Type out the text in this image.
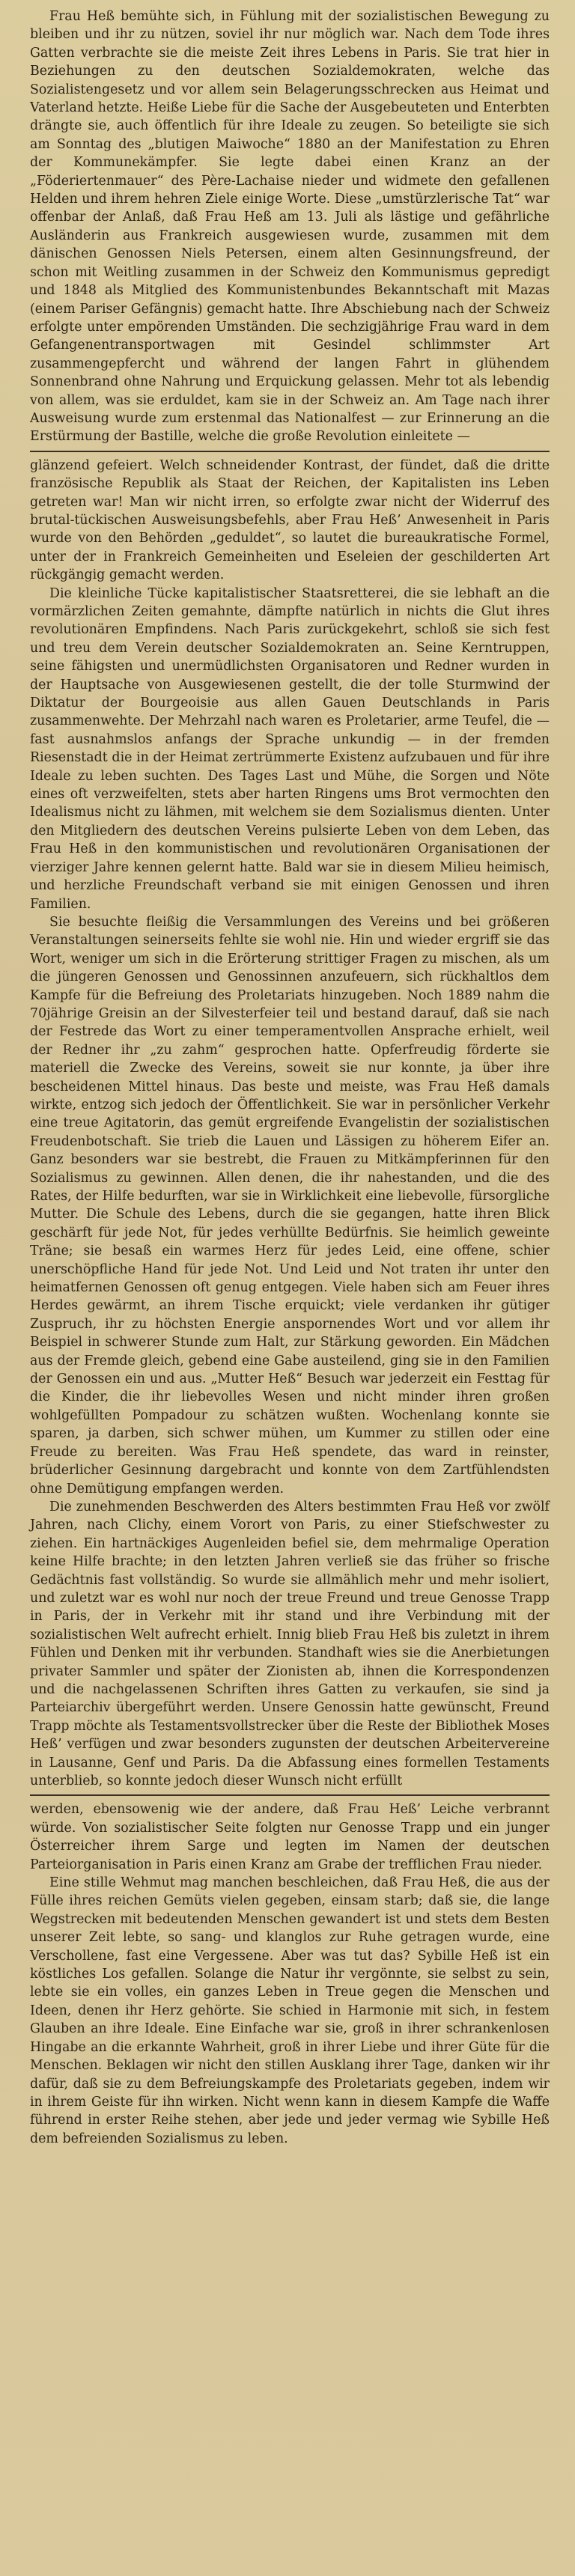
Frau Heß bemühte sich, in Fühlung mit der sozialistischen Bewegung zu bleiben und ihr zu nützen, soviel ihr nur möglich war. Nach dem Tode ihres Gatten verbrachte sie die meiste Zeit ihres Lebens in Paris. Sie trat hier in Beziehungen zu den deutschen Sozialdemokraten, welche das Sozialistengesetz und vor allem sein Belagerungsschrecken aus Heimat und Vaterland hetzte. Heiße Liebe für die Sache der Ausgebeuteten und Enterbten drängte sie, auch öffentlich für ihre Ideale zu zeugen. So beteiligte sie sich am Sonntag des „blutigen Maiwoche“ 1880 an der Manifestation zu Ehren der Kommunekämpfer. Sie legte dabei einen Kranz an der „Föderiertenmauer“ des Père-Lachaise nieder und widmete den gefallenen Helden und ihrem hehren Ziele einige Worte. Diese „umstürzlerische Tat“ war offenbar der Anlaß, daß Frau Heß am 13. Juli als lästige und gefährliche Ausländerin aus Frankreich ausgewiesen wurde, zusammen mit dem dänischen Genossen Niels Petersen, einem alten Gesinnungsfreund, der schon mit Weitling zusammen in der Schweiz den Kommunismus gepredigt und 1848 als Mitglied des Kommunistenbundes Bekanntschaft mit Mazas (einem Pariser Gefängnis) gemacht hatte. Ihre Abschiebung nach der Schweiz erfolgte unter empörenden Umständen. Die sechzigjährige Frau ward in dem Gefangenentransportwagen mit Gesindel schlimmster Art zusammengepfercht und während der langen Fahrt in glühendem Sonnenbrand ohne Nahrung und Erquickung gelassen. Mehr tot als lebendig von allem, was sie erduldet, kam sie in der Schweiz an. Am Tage nach ihrer Ausweisung wurde zum erstenmal das Nationalfest — zur Erinnerung an die Erstürmung der Bastille, welche die große Revolution einleitete —

glänzend gefeiert. Welch schneidender Kontrast, der fündet, daß die dritte französische Republik als Staat der Reichen, der Kapitalisten ins Leben getreten war! Man wir nicht irren, so erfolgte zwar nicht der Widerruf des brutal-tückischen Ausweisungsbefehls, aber Frau Heß’ Anwesenheit in Paris wurde von den Behörden „geduldet“, so lautet die bureaukratische Formel, unter der in Frankreich Gemeinheiten und Eseleien der geschilderten Art rückgängig gemacht werden.

Die kleinliche Tücke kapitalistischer Staatsretterei, die sie lebhaft an die vormärzlichen Zeiten gemahnte, dämpfte natürlich in nichts die Glut ihres revolutionären Empfindens. Nach Paris zurückgekehrt, schloß sie sich fest und treu dem Verein deutscher Sozialdemokraten an. Seine Kerntruppen, seine fähigsten und unermüdlichsten Organisatoren und Redner wurden in der Hauptsache von Ausgewiesenen gestellt, die der tolle Sturmwind der Diktatur der Bourgeoisie aus allen Gauen Deutschlands in Paris zusammenwehte. Der Mehrzahl nach waren es Proletarier, arme Teufel, die — fast ausnahmslos anfangs der Sprache unkundig — in der fremden Riesenstadt die in der Heimat zertrümmerte Existenz aufzubauen und für ihre Ideale zu leben suchten. Des Tages Last und Mühe, die Sorgen und Nöte eines oft verzweifelten, stets aber harten Ringens ums Brot vermochten den Idealismus nicht zu lähmen, mit welchem sie dem Sozialismus dienten. Unter den Mitgliedern des deutschen Vereins pulsierte Leben von dem Leben, das Frau Heß in den kommunistischen und revolutionären Organisationen der vierziger Jahre kennen gelernt hatte. Bald war sie in diesem Milieu heimisch, und herzliche Freundschaft verband sie mit einigen Genossen und ihren Familien.

Sie besuchte fleißig die Versammlungen des Vereins und bei größeren Veranstaltungen seinerseits fehlte sie wohl nie. Hin und wieder ergriff sie das Wort, weniger um sich in die Erörterung strittiger Fragen zu mischen, als um die jüngeren Genossen und Genossinnen anzufeuern, sich rückhaltlos dem Kampfe für die Befreiung des Proletariats hinzugeben. Noch 1889 nahm die 70jährige Greisin an der Silvesterfeier teil und bestand darauf, daß sie nach der Festrede das Wort zu einer temperamentvollen Ansprache erhielt, weil der Redner ihr „zu zahm“ gesprochen hatte. Opferfreudig förderte sie materiell die Zwecke des Vereins, soweit sie nur konnte, ja über ihre bescheidenen Mittel hinaus. Das beste und meiste, was Frau Heß damals wirkte, entzog sich jedoch der Öffentlichkeit. Sie war in persönlicher Verkehr eine treue Agitatorin, das gemüt ergreifende Evangelistin der sozialistischen Freudenbotschaft. Sie trieb die Lauen und Lässigen zu höherem Eifer an. Ganz besonders war sie bestrebt, die Frauen zu Mitkämpferinnen für den Sozialismus zu gewinnen. Allen denen, die ihr nahestanden, und die des Rates, der Hilfe bedurften, war sie in Wirklichkeit eine liebevolle, fürsorgliche Mutter. Die Schule des Lebens, durch die sie gegangen, hatte ihren Blick geschärft für jede Not, für jedes verhüllte Bedürfnis. Sie heimlich geweinte Träne; sie besaß ein warmes Herz für jedes Leid, eine offene, schier unerschöpfliche Hand für jede Not. Und Leid und Not traten ihr unter den heimatfernen Genossen oft genug entgegen. Viele haben sich am Feuer ihres Herdes gewärmt, an ihrem Tische erquickt; viele verdanken ihr gütiger Zuspruch, ihr zu höchsten Energie anspornendes Wort und vor allem ihr Beispiel in schwerer Stunde zum Halt, zur Stärkung geworden. Ein Mädchen aus der Fremde gleich, gebend eine Gabe austeilend, ging sie in den Familien der Genossen ein und aus. „Mutter Heß“ Besuch war jederzeit ein Festtag für die Kinder, die ihr liebevolles Wesen und nicht minder ihren großen wohlgefüllten Pompadour zu schätzen wußten. Wochenlang konnte sie sparen, ja darben, sich schwer mühen, um Kummer zu stillen oder eine Freude zu bereiten. Was Frau Heß spendete, das ward in reinster, brüderlicher Gesinnung dargebracht und konnte von dem Zartfühlendsten ohne Demütigung empfangen werden.

Die zunehmenden Beschwerden des Alters bestimmten Frau Heß vor zwölf Jahren, nach Clichy, einem Vorort von Paris, zu einer Stiefschwester zu ziehen. Ein hartnäckiges Augenleiden befiel sie, dem mehrmalige Operation keine Hilfe brachte; in den letzten Jahren verließ sie das früher so frische Gedächtnis fast vollständig. So wurde sie allmählich mehr und mehr isoliert, und zuletzt war es wohl nur noch der treue Freund und treue Genosse Trapp in Paris, der in Verkehr mit ihr stand und ihre Verbindung mit der sozialistischen Welt aufrecht erhielt. Innig blieb Frau Heß bis zuletzt in ihrem Fühlen und Denken mit ihr verbunden. Standhaft wies sie die Anerbietungen privater Sammler und später der Zionisten ab, ihnen die Korrespondenzen und die nachgelassenen Schriften ihres Gatten zu verkaufen, sie sind ja Parteiarchiv übergeführt werden. Unsere Genossin hatte gewünscht, Freund Trapp möchte als Testamentsvollstrecker über die Reste der Bibliothek Moses Heß’ verfügen und zwar besonders zugunsten der deutschen Arbeitervereine in Lausanne, Genf und Paris. Da die Abfassung eines formellen Testaments unterblieb, so konnte jedoch dieser Wunsch nicht erfüllt

werden, ebensowenig wie der andere, daß Frau Heß’ Leiche verbrannt würde. Von sozialistischer Seite folgten nur Genosse Trapp und ein junger Österreicher ihrem Sarge und legten im Namen der deutschen Parteiorganisation in Paris einen Kranz am Grabe der trefflichen Frau nieder.

Eine stille Wehmut mag manchen beschleichen, daß Frau Heß, die aus der Fülle ihres reichen Gemüts vielen gegeben, einsam starb; daß sie, die lange Wegstrecken mit bedeutenden Menschen gewandert ist und stets dem Besten unserer Zeit lebte, so sang- und klanglos zur Ruhe getragen wurde, eine Verschollene, fast eine Vergessene. Aber was tut das? Sybille Heß ist ein köstliches Los gefallen. Solange die Natur ihr vergönnte, sie selbst zu sein, lebte sie ein volles, ein ganzes Leben in Treue gegen die Menschen und Ideen, denen ihr Herz gehörte. Sie schied in Harmonie mit sich, in festem Glauben an ihre Ideale. Eine Einfache war sie, groß in ihrer schrankenlosen Hingabe an die erkannte Wahrheit, groß in ihrer Liebe und ihrer Güte für die Menschen. Beklagen wir nicht den stillen Ausklang ihrer Tage, danken wir ihr dafür, daß sie zu dem Befreiungskampfe des Proletariats gegeben, indem wir in ihrem Geiste für ihn wirken. Nicht wenn kann in diesem Kampfe die Waffe führend in erster Reihe stehen, aber jede und jeder vermag wie Sybille Heß dem befreienden Sozialismus zu leben.
